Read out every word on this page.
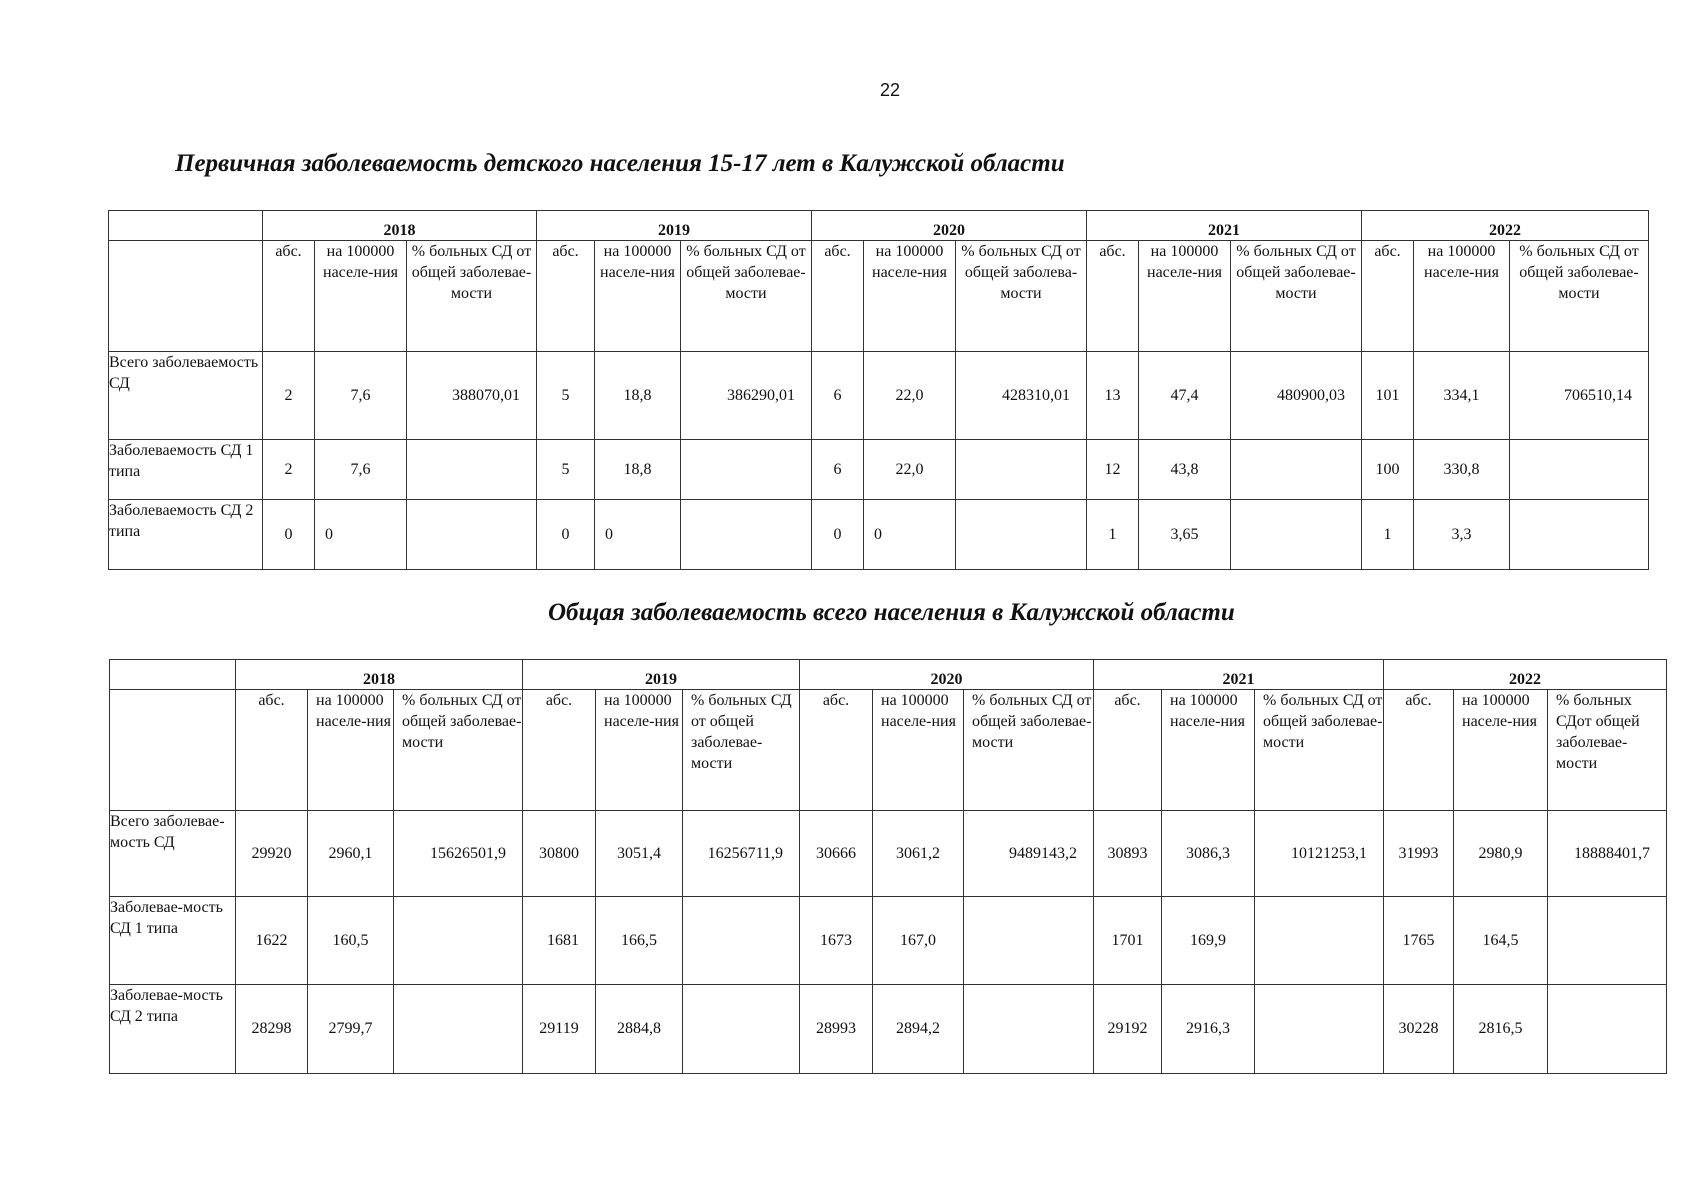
22
Первичная заболеваемость детского населения 15-17 лет в Калужской области
	2018			2019			2020			2021			2022		
	абс.	на 100000 населе-ния	% больных СД от общей заболевае-мости	абс.	на 100000 населе-ния	% больных СД от общей заболевае-мости	абс.	на 100000 населе-ния	% больных СД от общей заболева-мости	абс.	на 100000 населе-ния	% больных СД от общей заболевае-мости	абс.	на 100000 населе-ния	% больных СД от общей заболевае-мости
Всего заболеваемость СД	2	7,6	388070,01	5	18,8	386290,01	6	22,0	428310,01	13	47,4	480900,03	101	334,1	706510,14
Заболеваемость СД 1 типа	2	7,6		5	18,8		6	22,0		12	43,8		100	330,8	
Заболеваемость СД 2 типа	0	0		0	0		0	0		1	3,65		1	3,3	
Общая заболеваемость всего населения в Калужской области
	2018			2019			2020			2021			2022		
	абс.	на 100000 населе-ния	% больных СД от общей заболевае-мости	абс.	на 100000 населе-ния	% больных СД от общей заболевае-мости	абс.	на 100000 населе-ния	% больных СД от общей заболевае-мости	абс.	на 100000 населе-ния	% больных СД от общей заболевае-мости	абс.	на 100000 населе-ния	% больных СДот общей заболевае-мости
Всего заболевае-мость СД	29920	2960,1	15626501,9	30800	3051,4	16256711,9	30666	3061,2	9489143,2	30893	3086,3	10121253,1	31993	2980,9	18888401,7
Заболевае-мость СД 1 типа	1622	160,5		1681	166,5		1673	167,0		1701	169,9		1765	164,5	
Заболевае-мость СД 2 типа	28298	2799,7		29119	2884,8		28993	2894,2		29192	2916,3		30228	2816,5	
